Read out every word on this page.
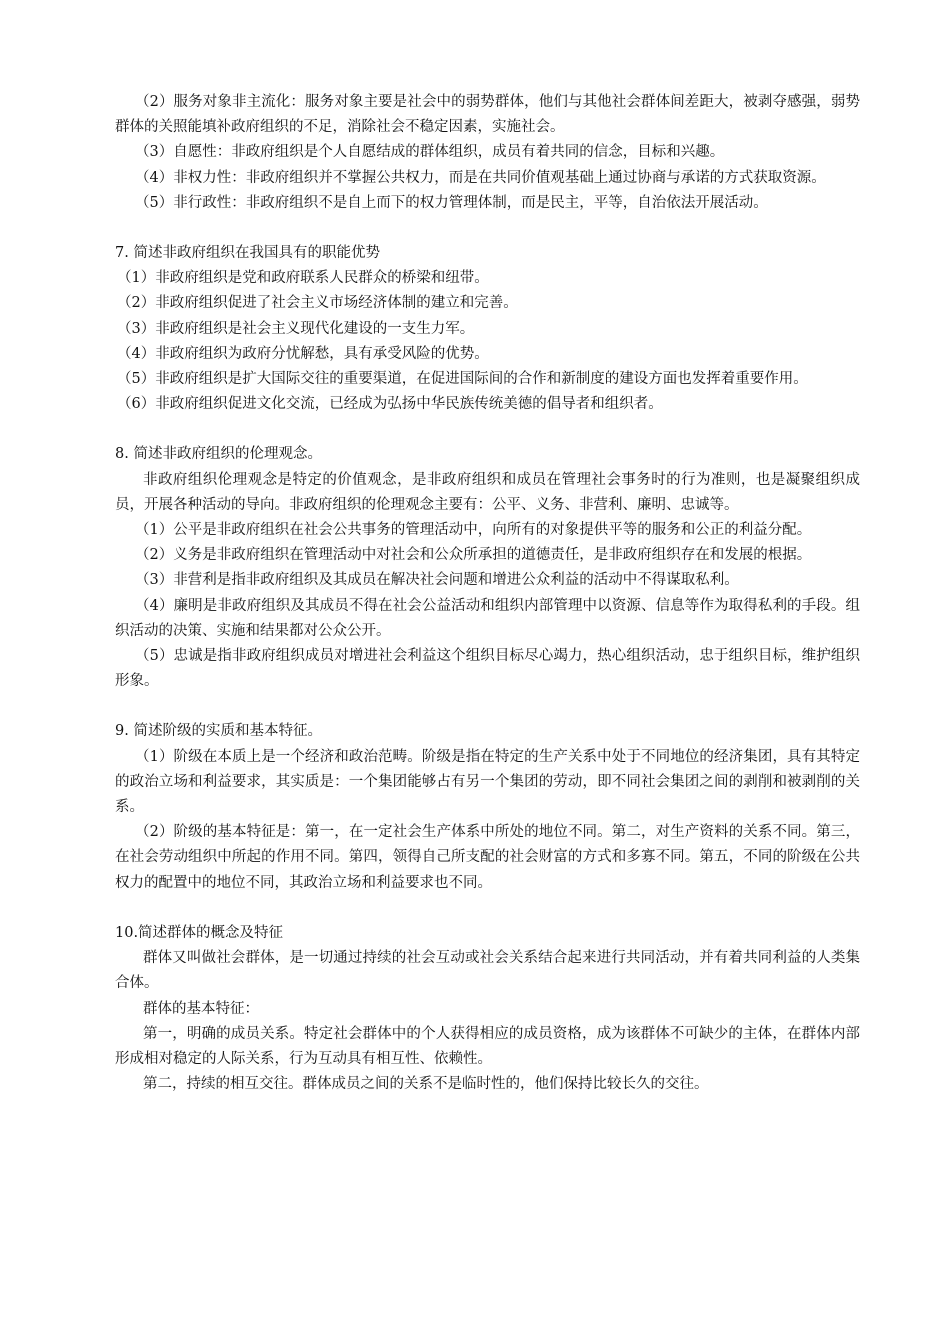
（2）服务对象非主流化：服务对象主要是社会中的弱势群体，他们与其他社会群体间差距大，被剥夺感强，弱势群体的关照能填补政府组织的不足，消除社会不稳定因素，实施社会。

（3）自愿性：非政府组织是个人自愿结成的群体组织，成员有着共同的信念，目标和兴趣。

（4）非权力性：非政府组织并不掌握公共权力，而是在共同价值观基础上通过协商与承诺的方式获取资源。

（5）非行政性：非政府组织不是自上而下的权力管理体制，而是民主，平等，自治依法开展活动。

7. 简述非政府组织在我国具有的职能优势

（1）非政府组织是党和政府联系人民群众的桥梁和纽带。

（2）非政府组织促进了社会主义市场经济体制的建立和完善。

（3）非政府组织是社会主义现代化建设的一支生力军。

（4）非政府组织为政府分忧解愁，具有承受风险的优势。

（5）非政府组织是扩大国际交往的重要渠道，在促进国际间的合作和新制度的建设方面也发挥着重要作用。

（6）非政府组织促进文化交流，已经成为弘扬中华民族传统美德的倡导者和组织者。

8. 简述非政府组织的伦理观念。

非政府组织伦理观念是特定的价值观念，是非政府组织和成员在管理社会事务时的行为准则，也是凝聚组织成员，开展各种活动的导向。非政府组织的伦理观念主要有：公平、义务、非营利、廉明、忠诚等。

（1）公平是非政府组织在社会公共事务的管理活动中，向所有的对象提供平等的服务和公正的利益分配。

（2）义务是非政府组织在管理活动中对社会和公众所承担的道德责任，是非政府组织存在和发展的根据。

（3）非营利是指非政府组织及其成员在解决社会问题和增进公众利益的活动中不得谋取私利。

（4）廉明是非政府组织及其成员不得在社会公益活动和组织内部管理中以资源、信息等作为取得私利的手段。组织活动的决策、实施和结果都对公众公开。

（5）忠诚是指非政府组织成员对增进社会利益这个组织目标尽心竭力，热心组织活动，忠于组织目标，维护组织形象。

9. 简述阶级的实质和基本特征。

（1）阶级在本质上是一个经济和政治范畴。阶级是指在特定的生产关系中处于不同地位的经济集团，具有其特定的政治立场和利益要求，其实质是：一个集团能够占有另一个集团的劳动，即不同社会集团之间的剥削和被剥削的关系。

（2）阶级的基本特征是：第一，在一定社会生产体系中所处的地位不同。第二，对生产资料的关系不同。第三，在社会劳动组织中所起的作用不同。第四，领得自己所支配的社会财富的方式和多寡不同。第五，不同的阶级在公共权力的配置中的地位不同，其政治立场和利益要求也不同。

10.简述群体的概念及特征

群体又叫做社会群体，是一切通过持续的社会互动或社会关系结合起来进行共同活动，并有着共同利益的人类集合体。

群体的基本特征：

第一，明确的成员关系。特定社会群体中的个人获得相应的成员资格，成为该群体不可缺少的主体，在群体内部形成相对稳定的人际关系，行为互动具有相互性、依赖性。

第二，持续的相互交往。群体成员之间的关系不是临时性的，他们保持比较长久的交往。
